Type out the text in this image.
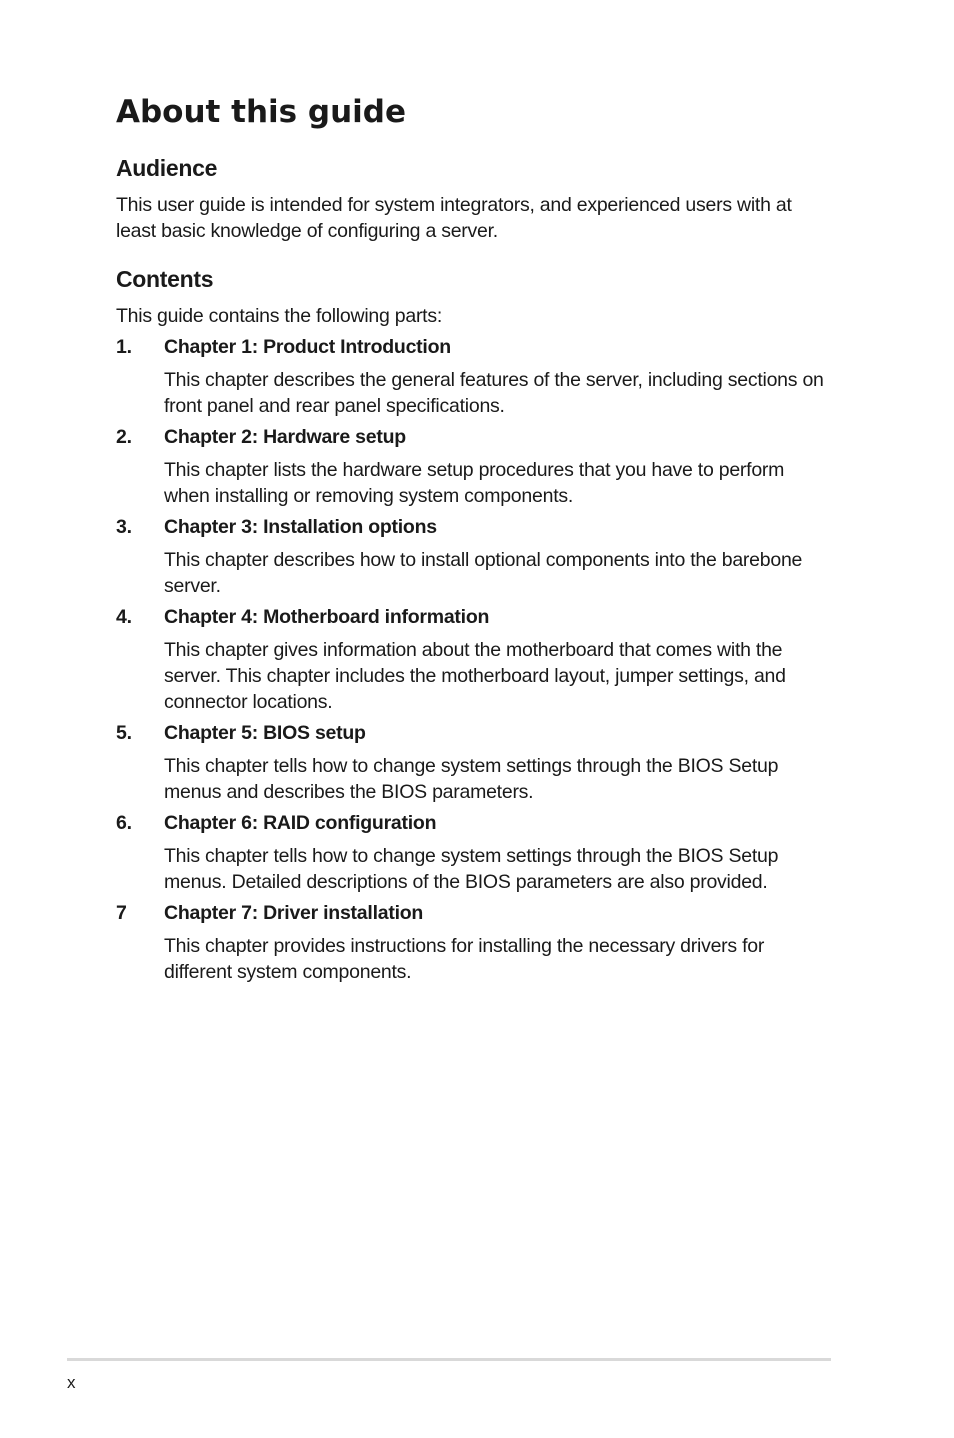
About this guide
Audience

This user guide is intended for system integrators, and experienced users with at least basic knowledge of configuring a server.

Contents

This guide contains the following parts:

1.	Chapter 1: Product Introduction

This chapter describes the general features of the server, including sections on front panel and rear panel specifications.

2.	Chapter 2: Hardware setup

This chapter lists the hardware setup procedures that you have to perform when installing or removing system components.

3.	Chapter 3: Installation options

This chapter describes how to install optional components into the barebone server.

4.	Chapter 4: Motherboard information

This chapter gives information about the motherboard that comes with the server. This chapter includes the motherboard layout, jumper settings, and connector locations.

5.	Chapter 5: BIOS setup

This chapter tells how to change system settings through the BIOS Setup menus and describes the BIOS parameters.

6.	Chapter 6: RAID configuration

This chapter tells how to change system settings through the BIOS Setup menus. Detailed descriptions of the BIOS parameters are also provided.

7	Chapter 7: Driver installation

This chapter provides instructions for installing the necessary drivers for different system components.

x
